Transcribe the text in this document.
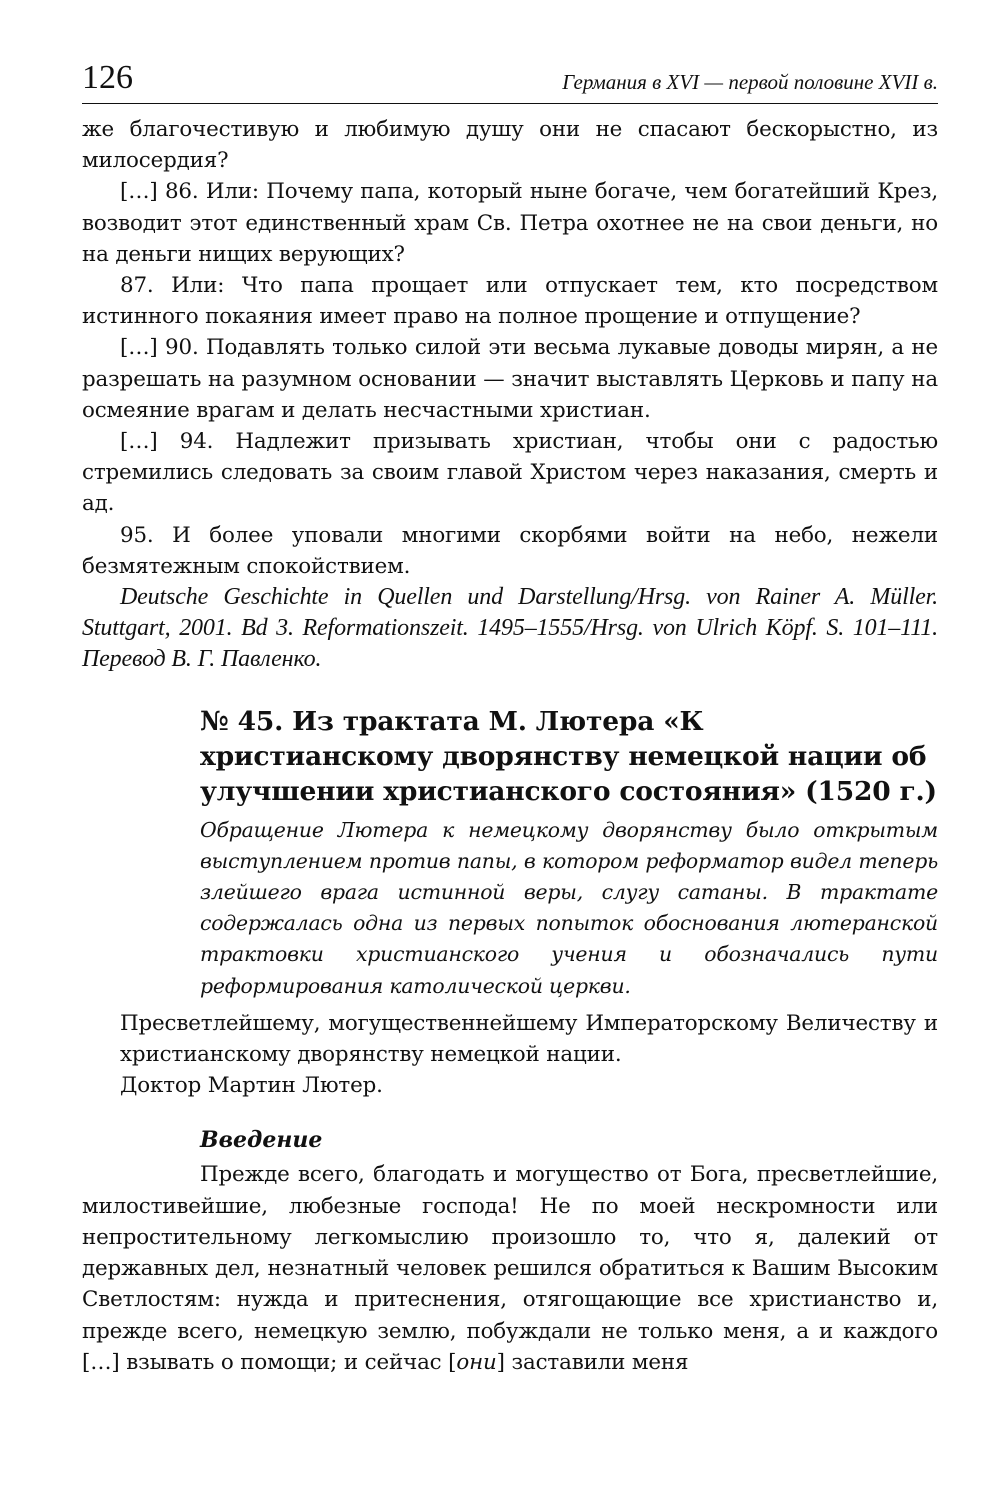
126	Германия в XVI — первой половине XVII в.

же благочестивую и любимую душу они не спасают бескорыстно, из милосердия?

[…] 86. Или: Почему папа, который ныне богаче, чем богатейший Крез, возводит этот единственный храм Св. Петра охотнее не на свои деньги, но на деньги нищих верующих?

87. Или: Что папа прощает или отпускает тем, кто посредством истинного покаяния имеет право на полное прощение и отпущение?

[…] 90. Подавлять только силой эти весьма лукавые доводы мирян, а не разрешать на разумном основании — значит выставлять Церковь и папу на осмеяние врагам и делать несчастными христиан.

[…] 94. Надлежит призывать христиан, чтобы они с радостью стремились следовать за своим главой Христом через наказания, смерть и ад.

95. И более уповали многими скорбями войти на небо, нежели безмятежным спокойствием.

Deutsche Geschichte in Quellen und Darstellung/Hrsg. von Rainer A. Müller. Stuttgart, 2001. Bd 3. Reformationszeit. 1495–1555/Hrsg. von Ulrich Köpf. S. 101–111. Перевод В. Г. Павленко.

№ 45. Из трактата М. Лютера «К христианскому дворянству немецкой нации об улучшении христианского состояния» (1520 г.)
Обращение Лютера к немецкому дворянству было открытым выступлением против папы, в котором реформатор видел теперь злейшего врага истинной веры, слугу сатаны. В трактате содержалась одна из первых попыток обоснования лютеранской трактовки христианского учения и обозначались пути реформирования католической церкви.

Пресветлейшему, могущественнейшему Императорскому Величеству и христианскому дворянству немецкой нации.

Доктор Мартин Лютер.

Введение

Прежде всего, благодать и могущество от Бога, пресветлейшие, милостивейшие, любезные господа! Не по моей нескромности или непростительному легкомыслию произошло то, что я, далекий от державных дел, незнатный человек решился обратиться к Вашим Высоким Светлостям: нужда и притеснения, отягощающие все христианство и, прежде всего, немецкую землю, побуждали не только меня, а и каждого […] взывать о помощи; и сейчас [они] заставили меня
